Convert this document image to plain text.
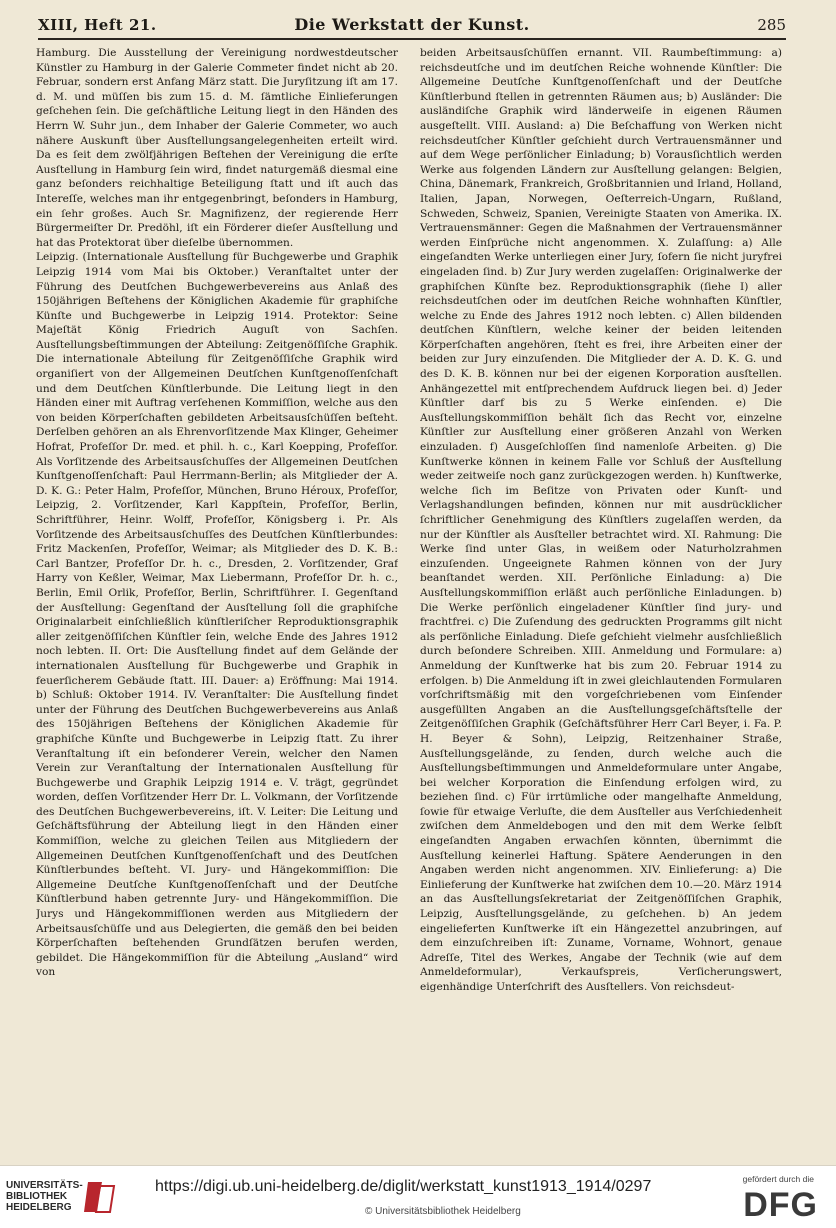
XIII, Heft 21.	Die Werkstatt der Kunst.	285

Hamburg. Die Ausstellung der Vereinigung nordwestdeutscher Künstler zu Hamburg in der Galerie Commeter findet nicht ab 20. Februar, sondern erst Anfang März statt. Die Juryſitzung iſt am 17. d. M. und müſſen bis zum 15. d. M. ſämtliche Einlieferungen geſchehen ſein. Die geſchäftliche Leitung liegt in den Händen des Herrn W. Suhr jun., dem Inhaber der Galerie Commeter, wo auch nähere Auskunft über Ausſtellungsangelegenheiten erteilt wird. Da es ſeit dem zwölfjährigen Beſtehen der Vereinigung die erſte Ausſtellung in Hamburg ſein wird, findet naturgemäß diesmal eine ganz beſonders reichhaltige Beteiligung ſtatt und iſt auch das Intereſſe, welches man ihr entgegenbringt, beſonders in Hamburg, ein ſehr großes. Auch Sr. Magnifizenz, der regierende Herr Bürgermeiſter Dr. Predöhl, iſt ein Förderer dieſer Ausſtellung und hat das Protektorat über dieſelbe übernommen.

Leipzig. (Internationale Ausſtellung für Buchgewerbe und Graphik Leipzig 1914 vom Mai bis Oktober.) Veranſtaltet unter der Führung des Deutſchen Buchgewerbevereins aus Anlaß des 150jährigen Beſtehens der Königlichen Akademie für graphiſche Künſte und Buchgewerbe in Leipzig 1914. Protektor: Seine Majeſtät König Friedrich Auguſt von Sachſen. Ausſtellungsbeſtimmungen der Abteilung: Zeitgenöſſiſche Graphik. Die internationale Abteilung für Zeitgenöſſiſche Graphik wird organiſiert von der Allgemeinen Deutſchen Kunſtgenoſſenſchaft und dem Deutſchen Künſtlerbunde. Die Leitung liegt in den Händen einer mit Auftrag verſehenen Kommiſſion, welche aus den von beiden Körperſchaften gebildeten Arbeitsausſchüſſen beſteht. Derſelben gehören an als Ehrenvorſitzende Max Klinger, Geheimer Hofrat, Profeſſor Dr. med. et phil. h. c., Karl Koepping, Profeſſor. Als Vorſitzende des Arbeitsausſchuſſes der Allgemeinen Deutſchen Kunſtgenoſſenſchaft: Paul Herrmann-Berlin; als Mitglieder der A. D. K. G.: Peter Halm, Profeſſor, München, Bruno Héroux, Profeſſor, Leipzig, 2. Vorſitzender, Karl Kappſtein, Profeſſor, Berlin, Schriftführer, Heinr. Wolff, Profeſſor, Königsberg i. Pr. Als Vorſitzende des Arbeitsausſchuſſes des Deutſchen Künſtlerbundes: Fritz Mackenſen, Profeſſor, Weimar; als Mitglieder des D. K. B.: Carl Bantzer, Profeſſor Dr. h. c., Dresden, 2. Vorſitzender, Graf Harry von Keßler, Weimar, Max Liebermann, Profeſſor Dr. h. c., Berlin, Emil Orlik, Profeſſor, Berlin, Schriftführer. I. Gegenſtand der Ausſtellung: Gegenſtand der Ausſtellung ſoll die graphiſche Originalarbeit einſchließlich künſtleriſcher Reproduktionsgraphik aller zeitgenöſſiſchen Künſtler ſein, welche Ende des Jahres 1912 noch lebten. II. Ort: Die Ausſtellung findet auf dem Gelände der internationalen Ausſtellung für Buchgewerbe und Graphik in feuerſicherem Gebäude ſtatt. III. Dauer: a) Eröffnung: Mai 1914. b) Schluß: Oktober 1914. IV. Veranſtalter: Die Ausſtellung findet unter der Führung des Deutſchen Buchgewerbevereins aus Anlaß des 150jährigen Beſtehens der Königlichen Akademie für graphiſche Künſte und Buchgewerbe in Leipzig ſtatt. Zu ihrer Veranſtaltung iſt ein beſonderer Verein, welcher den Namen Verein zur Veranſtaltung der Internationalen Ausſtellung für Buchgewerbe und Graphik Leipzig 1914 e. V. trägt, gegründet worden, deſſen Vorſitzender Herr Dr. L. Volkmann, der Vorſitzende des Deutſchen Buchgewerbevereins, iſt. V. Leiter: Die Leitung und Geſchäftsführung der Abteilung liegt in den Händen einer Kommiſſion, welche zu gleichen Teilen aus Mitgliedern der Allgemeinen Deutſchen Kunſtgenoſſenſchaft und des Deutſchen Künſtlerbundes beſteht. VI. Jury- und Hängekommiſſion: Die Allgemeine Deutſche Kunſtgenoſſenſchaft und der Deutſche Künſtlerbund haben getrennte Jury- und Hängekommiſſion. Die Jurys und Hängekommiſſionen werden aus Mitgliedern der Arbeitsausſchüſſe und aus Delegierten, die gemäß den bei beiden Körperſchaften beſtehenden Grundſätzen berufen werden, gebildet. Die Hängekommiſſion für die Abteilung „Ausland“ wird von

beiden Arbeitsausſchüſſen ernannt. VII. Raumbeſtimmung: a) reichsdeutſche und im deutſchen Reiche wohnende Künſtler: Die Allgemeine Deutſche Kunſtgenoſſenſchaft und der Deutſche Künſtlerbund ſtellen in getrennten Räumen aus; b) Ausländer: Die ausländiſche Graphik wird länderweiſe in eigenen Räumen ausgeſtellt. VIII. Ausland: a) Die Beſchaffung von Werken nicht reichsdeutſcher Künſtler geſchieht durch Vertrauensmänner und auf dem Wege perſönlicher Einladung; b) Vorausſichtlich werden Werke aus folgenden Ländern zur Ausſtellung gelangen: Belgien, China, Dänemark, Frankreich, Großbritannien und Irland, Holland, Italien, Japan, Norwegen, Oeſterreich-Ungarn, Rußland, Schweden, Schweiz, Spanien, Vereinigte Staaten von Amerika. IX. Vertrauensmänner: Gegen die Maßnahmen der Vertrauensmänner werden Einſprüche nicht angenommen. X. Zulaſſung: a) Alle eingeſandten Werke unterliegen einer Jury, ſofern ſie nicht juryfrei eingeladen ſind. b) Zur Jury werden zugelaſſen: Originalwerke der graphiſchen Künſte bez. Reproduktionsgraphik (ſiehe I) aller reichsdeutſchen oder im deutſchen Reiche wohnhaften Künſtler, welche zu Ende des Jahres 1912 noch lebten. c) Allen bildenden deutſchen Künſtlern, welche keiner der beiden leitenden Körperſchaften angehören, ſteht es frei, ihre Arbeiten einer der beiden zur Jury einzuſenden. Die Mitglieder der A. D. K. G. und des D. K. B. können nur bei der eigenen Korporation ausſtellen. Anhängezettel mit entſprechendem Aufdruck liegen bei. d) Jeder Künſtler darf bis zu 5 Werke einſenden. e) Die Ausſtellungskommiſſion behält ſich das Recht vor, einzelne Künſtler zur Ausſtellung einer größeren Anzahl von Werken einzuladen. f) Ausgeſchloſſen ſind namenloſe Arbeiten. g) Die Kunſtwerke können in keinem Falle vor Schluß der Ausſtellung weder zeitweiſe noch ganz zurückgezogen werden. h) Kunſtwerke, welche ſich im Beſitze von Privaten oder Kunſt- und Verlagshandlungen befinden, können nur mit ausdrücklicher ſchriftlicher Genehmigung des Künſtlers zugelaſſen werden, da nur der Künſtler als Ausſteller betrachtet wird. XI. Rahmung: Die Werke ſind unter Glas, in weißem oder Naturholzrahmen einzuſenden. Ungeeignete Rahmen können von der Jury beanſtandet werden. XII. Perſönliche Einladung: a) Die Ausſtellungskommiſſion erläßt auch perſönliche Einladungen. b) Die Werke perſönlich eingeladener Künſtler ſind jury- und frachtfrei. c) Die Zuſendung des gedruckten Programms gilt nicht als perſönliche Einladung. Dieſe geſchieht vielmehr ausſchließlich durch beſondere Schreiben. XIII. Anmeldung und Formulare: a) Anmeldung der Kunſtwerke hat bis zum 20. Februar 1914 zu erfolgen. b) Die Anmeldung iſt in zwei gleichlautenden Formularen vorſchriftsmäßig mit den vorgeſchriebenen vom Einſender ausgefüllten Angaben an die Ausſtellungsgeſchäftsſtelle der Zeitgenöſſiſchen Graphik (Geſchäftsführer Herr Carl Beyer, i. Fa. P. H. Beyer & Sohn), Leipzig, Reitzenhainer Straße, Ausſtellungsgelände, zu ſenden, durch welche auch die Ausſtellungsbeſtimmungen und Anmeldeformulare unter Angabe, bei welcher Korporation die Einſendung erfolgen wird, zu beziehen ſind. c) Für irrtümliche oder mangelhafte Anmeldung, ſowie für etwaige Verluſte, die dem Ausſteller aus Verſchiedenheit zwiſchen dem Anmeldebogen und den mit dem Werke ſelbſt eingeſandten Angaben erwachſen könnten, übernimmt die Ausſtellung keinerlei Haftung. Spätere Aenderungen in den Angaben werden nicht angenommen. XIV. Einlieferung: a) Die Einlieferung der Kunſtwerke hat zwiſchen dem 10.—20. März 1914 an das Ausſtellungsſekretariat der Zeitgenöſſiſchen Graphik, Leipzig, Ausſtellungsgelände, zu geſchehen. b) An jedem eingelieferten Kunſtwerke iſt ein Hängezettel anzubringen, auf dem einzuſchreiben iſt: Zuname, Vorname, Wohnort, genaue Adreſſe, Titel des Werkes, Angabe der Technik (wie auf dem Anmeldeformular), Verkaufspreis, Verſicherungswert, eigenhändige Unterſchrift des Ausſtellers. Von reichsdeut-

UNIVERSITÄTS-
BIBLIOTHEK
HEIDELBERG
https://digi.ub.uni-heidelberg.de/diglit/werkstatt_kunst1913_1914/0297
© Universitätsbibliothek Heidelberg
gefördert durch die
DFG
